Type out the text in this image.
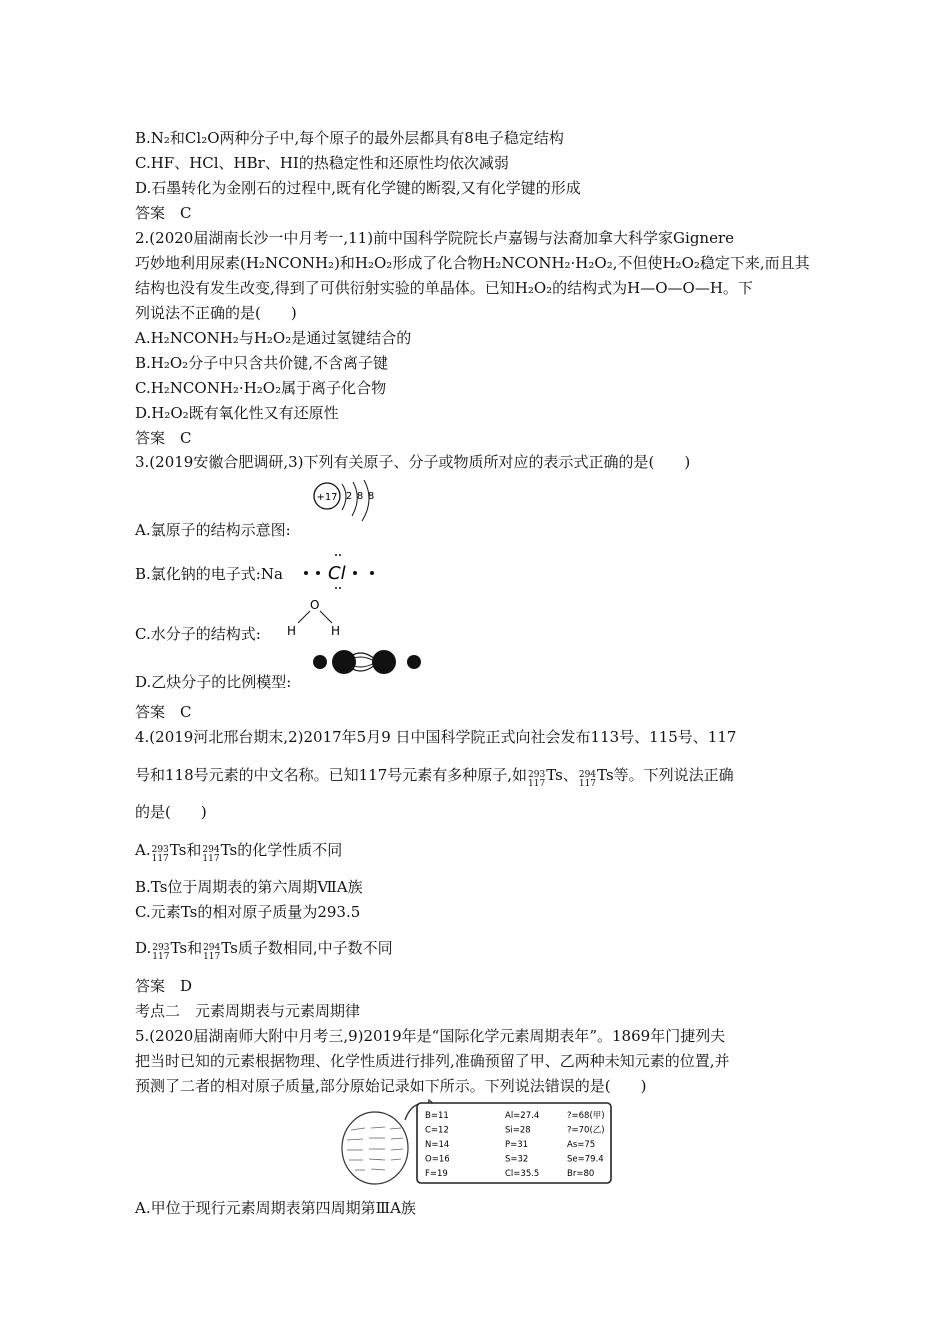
B.N₂和Cl₂O两种分子中,每个原子的最外层都具有8电子稳定结构
C.HF、HCl、HBr、HI的热稳定性和还原性均依次减弱
D.石墨转化为金刚石的过程中,既有化学键的断裂,又有化学键的形成
答案　C
2.(2020届湖南长沙一中月考一,11)前中国科学院院长卢嘉锡与法裔加拿大科学家Gignere
巧妙地利用尿素(H₂NCONH₂)和H₂O₂形成了化合物H₂NCONH₂·H₂O₂,不但使H₂O₂稳定下来,而且其
结构也没有发生改变,得到了可供衍射实验的单晶体。已知H₂O₂的结构式为H—O—O—H。下
列说法不正确的是(　　)
A.H₂NCONH₂与H₂O₂是通过氢键结合的
B.H₂O₂分子中只含共价键,不含离子键
C.H₂NCONH₂·H₂O₂属于离子化合物
D.H₂O₂既有氧化性又有还原性
答案　C
3.(2019安徽合肥调研,3)下列有关原子、分子或物质所对应的表示式正确的是(　　)
+17 2 8 8
A.氯原子的结构示意图:
B.氯化钠的电子式:Na	Cl
O
H	H
C.水分子的结构式:
D.乙炔分子的比例模型:
答案　C
4.(2019河北邢台期末,2)2017年5月9 日中国科学院正式向社会发布113号、115号、117
号和118号元素的中文名称。已知117号元素有多种原子,如 293
117 Ts、 294
117 Ts等。下列说法正确
的是(　　)
A. 293
117 Ts和 294
117 Ts的化学性质不同
B.Ts位于周期表的第六周期ⅦA族
C.元素Ts的相对原子质量为293.5
D. 293
117 Ts和 294
117 Ts质子数相同,中子数不同
答案　D
考点二　元素周期表与元素周期律
5.(2020届湖南师大附中月考三,9)2019年是“国际化学元素周期表年”。1869年门捷列夫
把当时已知的元素根据物理、化学性质进行排列,准确预留了甲、乙两种未知元素的位置,并
预测了二者的相对原子质量,部分原始记录如下所示。下列说法错误的是(　　)
B=11	Al=27.4	?=68(甲)
C=12	Si=28	?=70(乙)
N=14	P=31	As=75
O=16	S=32	Se=79.4
F=19	Cl=35.5	Br=80
A.甲位于现行元素周期表第四周期第ⅢA族
